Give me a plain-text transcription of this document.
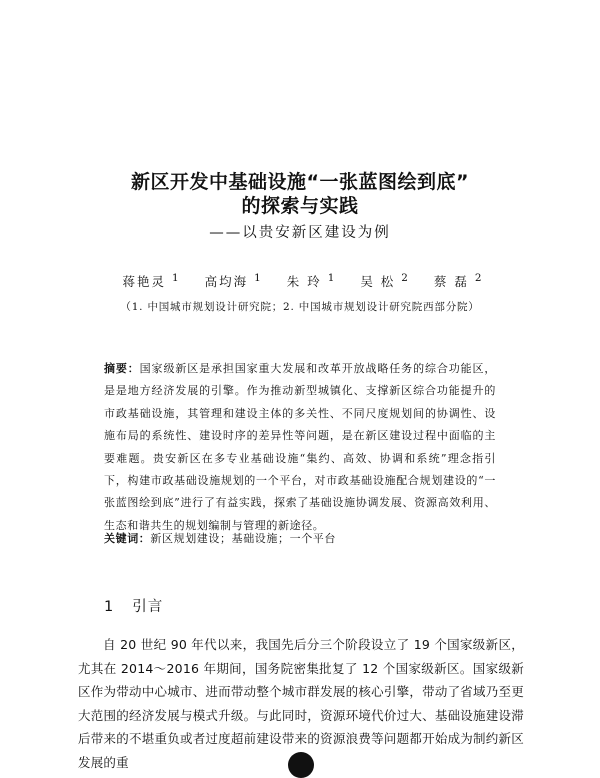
新区开发中基础设施“一张蓝图绘到底”
的探索与实践
——以贵安新区建设为例
蒋艳灵 $^1$ 高均海 $^1$ 朱 玲 $^1$ 吴 松 $^2$ 蔡 磊 $^2$
（1. 中国城市规划设计研究院；2. 中国城市规划设计研究院西部分院）
摘要：国家级新区是承担国家重大发展和改革开放战略任务的综合功能区，是是地方经济发展的引擎。作为推动新型城镇化、支撑新区综合功能提升的市政基础设施，其管理和建设主体的多关性、不同尺度规划间的协调性、设施布局的系统性、建设时序的差异性等问题，是在新区建设过程中面临的主要难题。贵安新区在多专业基础设施“集约、高效、协调和系统”理念指引下，构建市政基础设施规划的一个平台，对市政基础设施配合规划建设的“一张蓝图绘到底”进行了有益实践，探索了基础设施协调发展、资源高效利用、生态和谐共生的规划编制与管理的新途径。
关键词：新区规划建设；基础设施；一个平台
1 引言

自 20 世纪 90 年代以来，我国先后分三个阶段设立了 19 个国家级新区，尤其在 2014～2016 年期间，国务院密集批复了 12 个国家级新区。国家级新区作为带动中心城市、进而带动整个城市群发展的核心引擎，带动了省域乃至更大范围的经济发展与模式升级。与此同时，资源环境代价过大、基础设施建设滞后带来的不堪重负或者过度超前建设带来的资源浪费等问题都开始成为制约新区发展的重
